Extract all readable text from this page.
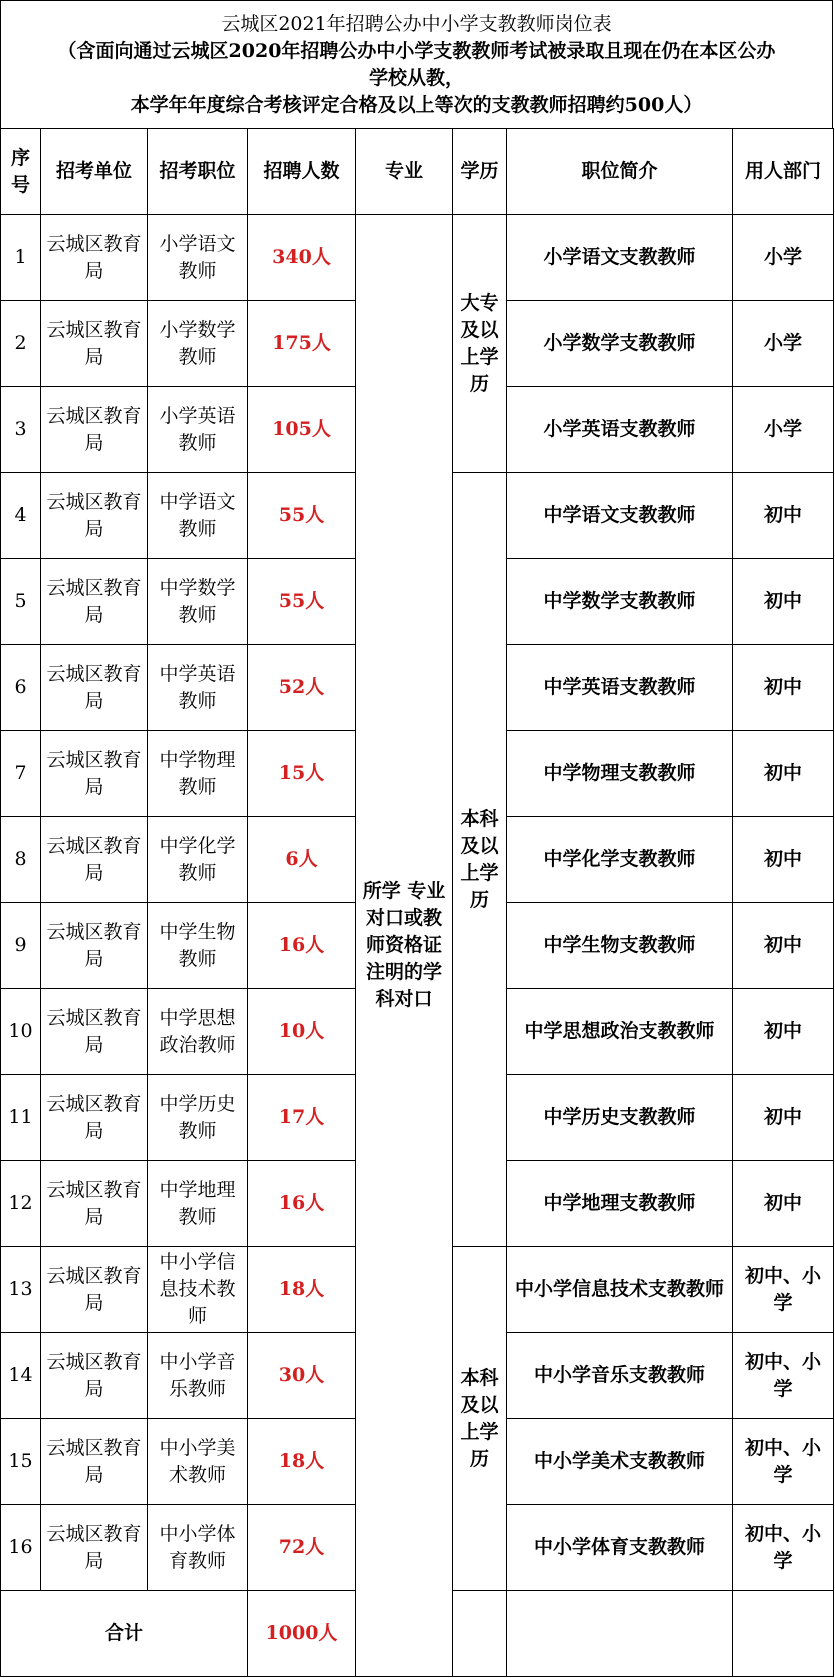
云城区2021年招聘公办中小学支教教师岗位表
（含面向通过云城区2020年招聘公办中小学支教教师考试被录取且现在仍在本区公办
学校从教，
本学年年度综合考核评定合格及以上等次的支教教师招聘约500人）
序号	招考单位	招考职位	招聘人数	专业	学历	职位简介	用人部门
1	云城区教育局	小学语文教师	340人	所学 专业对口或教师资格证注明的学科对口	大专及以上学历	小学语文支教教师	小学
2	云城区教育局	小学数学教师	175人			小学数学支教教师	小学
3	云城区教育局	小学英语教师	105人			小学英语支教教师	小学
4	云城区教育局	中学语文教师	55人		本科及以上学历	中学语文支教教师	初中
5	云城区教育局	中学数学教师	55人			中学数学支教教师	初中
6	云城区教育局	中学英语教师	52人			中学英语支教教师	初中
7	云城区教育局	中学物理教师	15人			中学物理支教教师	初中
8	云城区教育局	中学化学教师	6人			中学化学支教教师	初中
9	云城区教育局	中学生物教师	16人			中学生物支教教师	初中
10	云城区教育局	中学思想政治教师	10人			中学思想政治支教教师	初中
11	云城区教育局	中学历史教师	17人			中学历史支教教师	初中
12	云城区教育局	中学地理教师	16人			中学地理支教教师	初中
13	云城区教育局	中小学信息技术教师	18人		本科及以上学历	中小学信息技术支教教师	初中、小学
14	云城区教育局	中小学音乐教师	30人			中小学音乐支教教师	初中、小学
15	云城区教育局	中小学美术教师	18人			中小学美术支教教师	初中、小学
16	云城区教育局	中小学体育教师	72人			中小学体育支教教师	初中、小学
合计			1000人				
